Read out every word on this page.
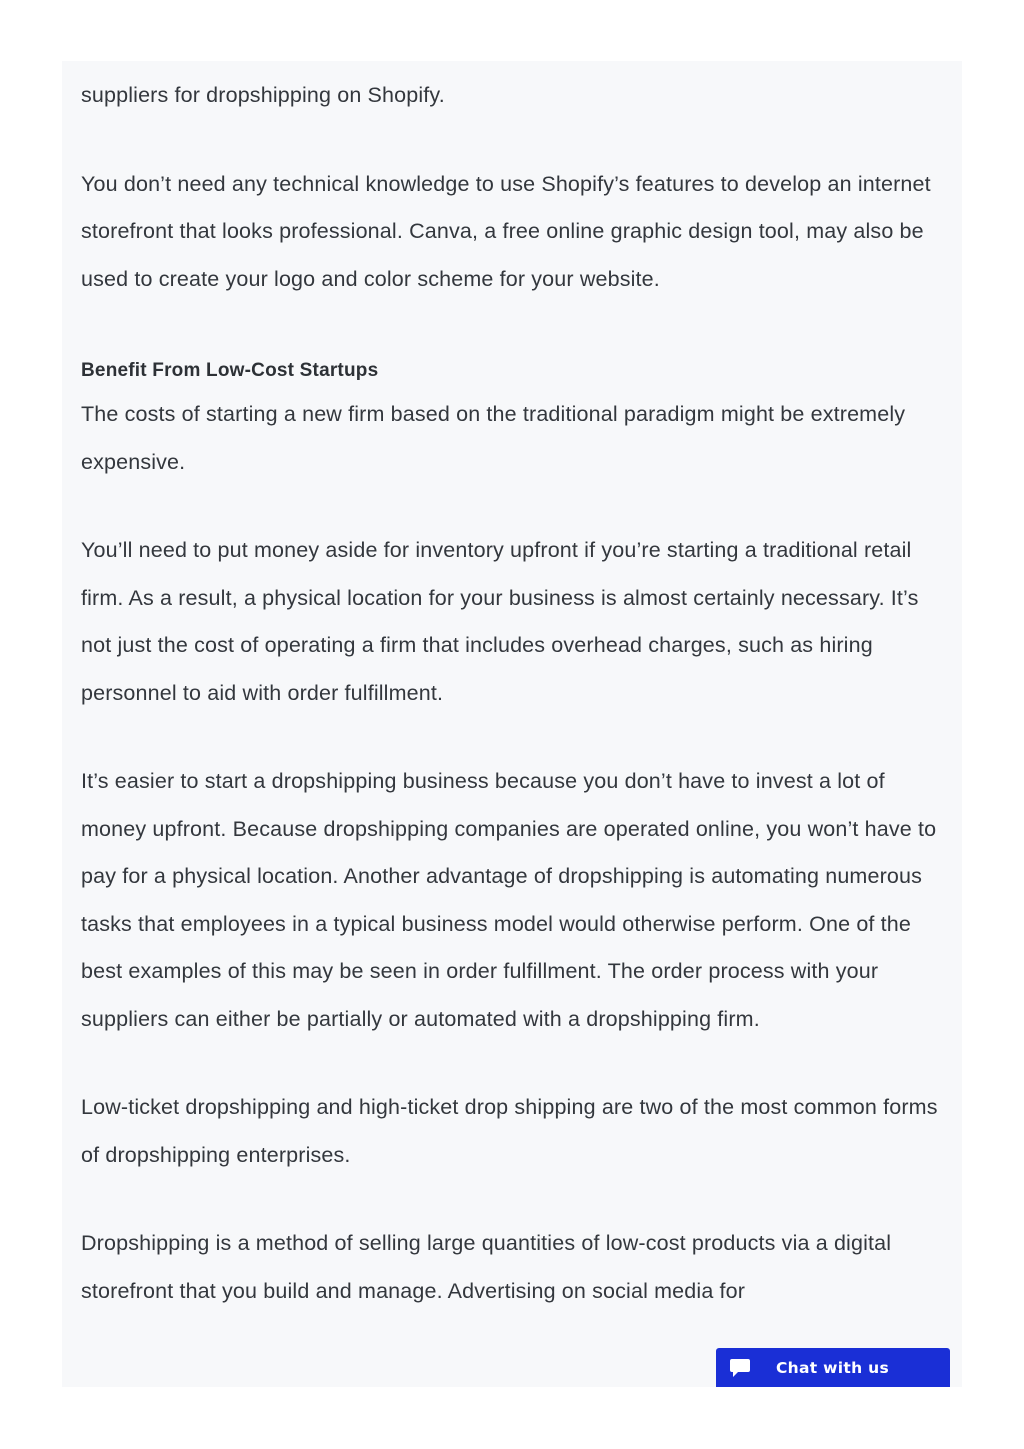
suppliers for dropshipping on Shopify.

You don’t need any technical knowledge to use Shopify’s features to develop an internet storefront that looks professional. Canva, a free online graphic design tool, may also be used to create your logo and color scheme for your website.

Benefit From Low-Cost Startups

The costs of starting a new firm based on the traditional paradigm might be extremely expensive.

You’ll need to put money aside for inventory upfront if you’re starting a traditional retail firm. As a result, a physical location for your business is almost certainly necessary. It’s not just the cost of operating a firm that includes overhead charges, such as hiring personnel to aid with order fulfillment.

It’s easier to start a dropshipping business because you don’t have to invest a lot of money upfront. Because dropshipping companies are operated online, you won’t have to pay for a physical location. Another advantage of dropshipping is automating numerous tasks that employees in a typical business model would otherwise perform. One of the best examples of this may be seen in order fulfillment. The order process with your suppliers can either be partially or automated with a dropshipping firm.

Low-ticket dropshipping and high-ticket drop shipping are two of the most common forms of dropshipping enterprises.

Dropshipping is a method of selling large quantities of low-cost products via a digital storefront that you build and manage. Advertising on social media for

Chat with us
